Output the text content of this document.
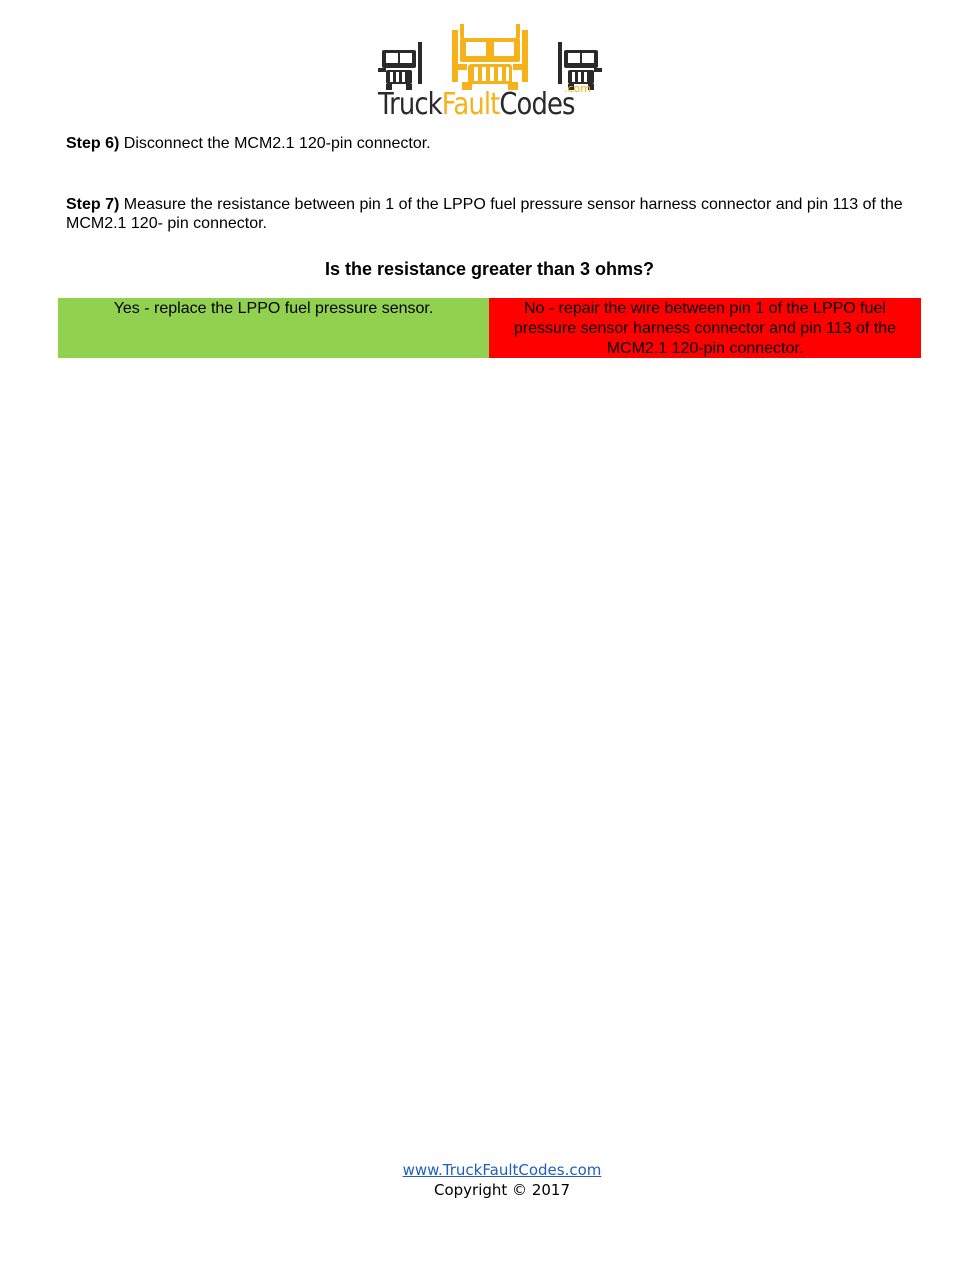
.com
TruckFaultCodes
Step 6) Disconnect the MCM2.1 120-pin connector.
Step 7) Measure the resistance between pin 1 of the LPPO fuel pressure sensor harness connector and pin 113 of the MCM2.1 120- pin connector.
Is the resistance greater than 3 ohms?
Yes - replace the LPPO fuel pressure sensor.	No - repair the wire between pin 1 of the LPPO fuel pressure sensor harness connector and pin 113 of the MCM2.1 120-pin connector.
www.TruckFaultCodes.com
Copyright © 2017
